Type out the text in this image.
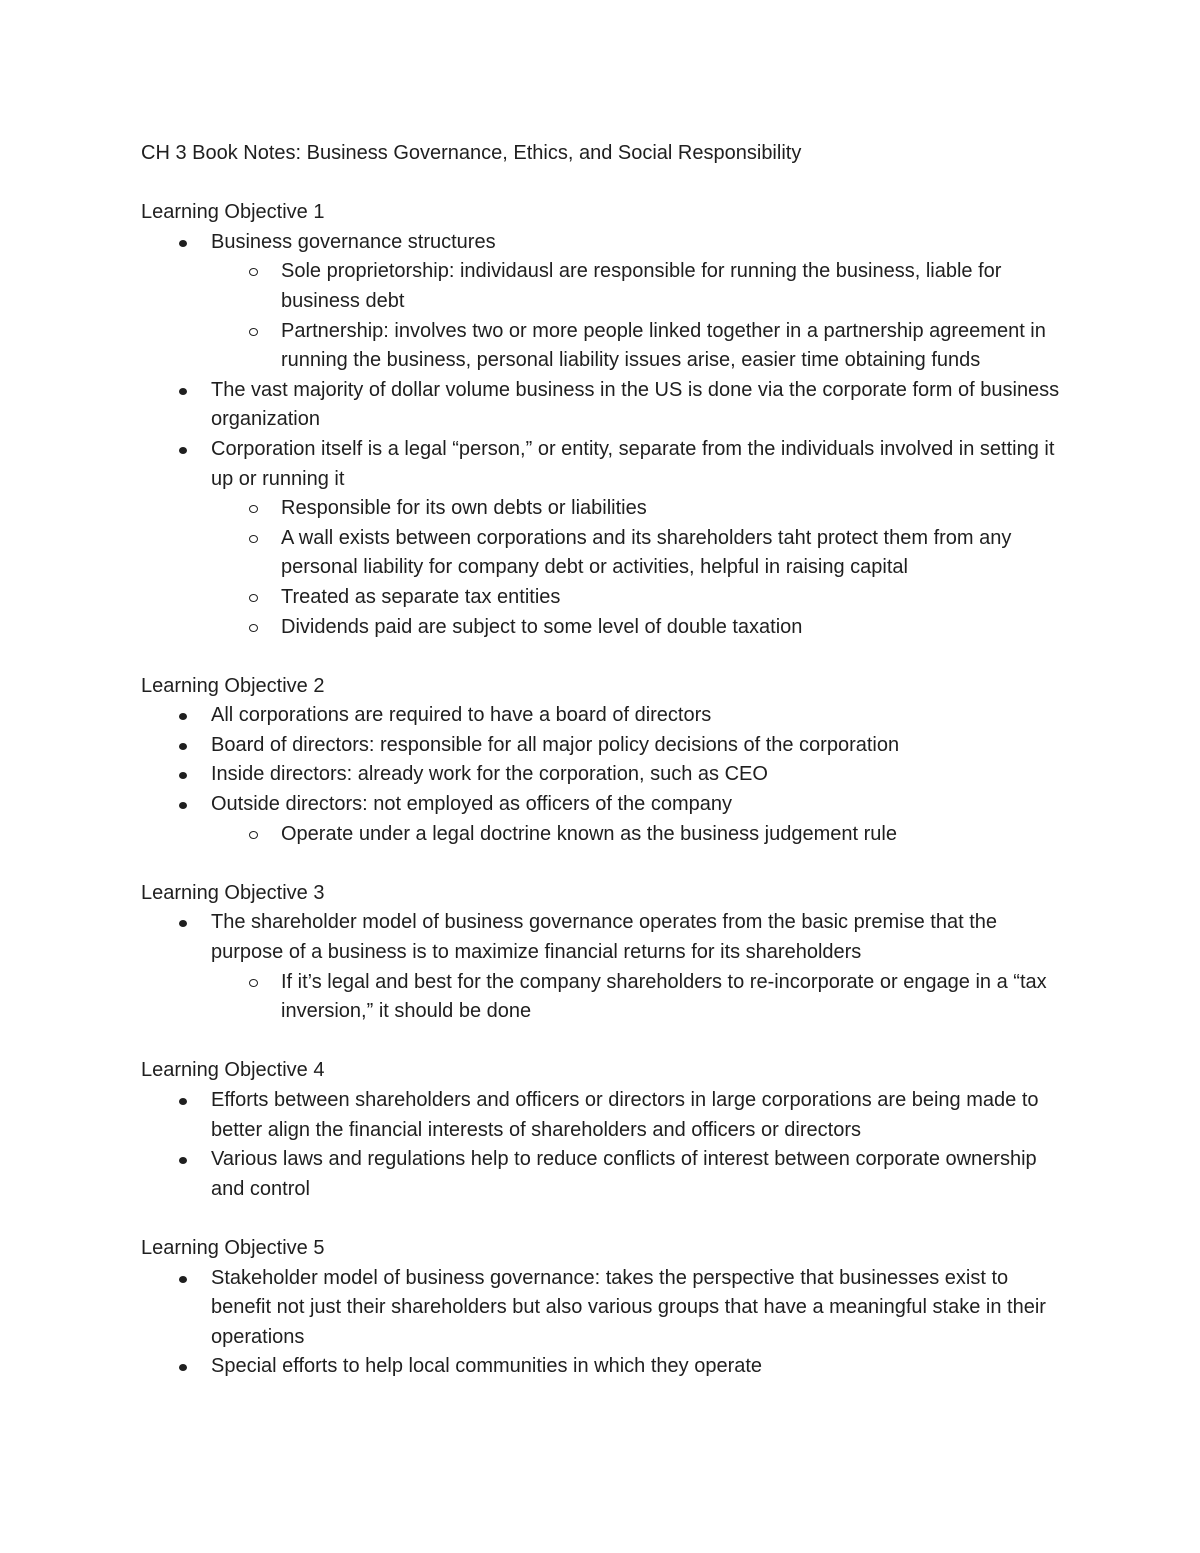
CH 3 Book Notes: Business Governance, Ethics, and Social Responsibility

Learning Objective 1

Business governance structures
Sole proprietorship: individausl are responsible for running the business, liable for business debt
Partnership: involves two or more people linked together in a partnership agreement in running the business, personal liability issues arise, easier time obtaining funds
The vast majority of dollar volume business in the US is done via the corporate form of business organization
Corporation itself is a legal “person,” or entity, separate from the individuals involved in setting it up or running it
Responsible for its own debts or liabilities
A wall exists between corporations and its shareholders taht protect them from any personal liability for company debt or activities, helpful in raising capital
Treated as separate tax entities
Dividends paid are subject to some level of double taxation

Learning Objective 2

All corporations are required to have a board of directors
Board of directors: responsible for all major policy decisions of the corporation
Inside directors: already work for the corporation, such as CEO
Outside directors: not employed as officers of the company
Operate under a legal doctrine known as the business judgement rule

Learning Objective 3

The shareholder model of business governance operates from the basic premise that the purpose of a business is to maximize financial returns for its shareholders
If it’s legal and best for the company shareholders to re-incorporate or engage in a “tax inversion,” it should be done

Learning Objective 4

Efforts between shareholders and officers or directors in large corporations are being made to better align the financial interests of shareholders and officers or directors
Various laws and regulations help to reduce conflicts of interest between corporate ownership and control

Learning Objective 5

Stakeholder model of business governance: takes the perspective that businesses exist to benefit not just their shareholders but also various groups that have a meaningful stake in their operations
Special efforts to help local communities in which they operate
